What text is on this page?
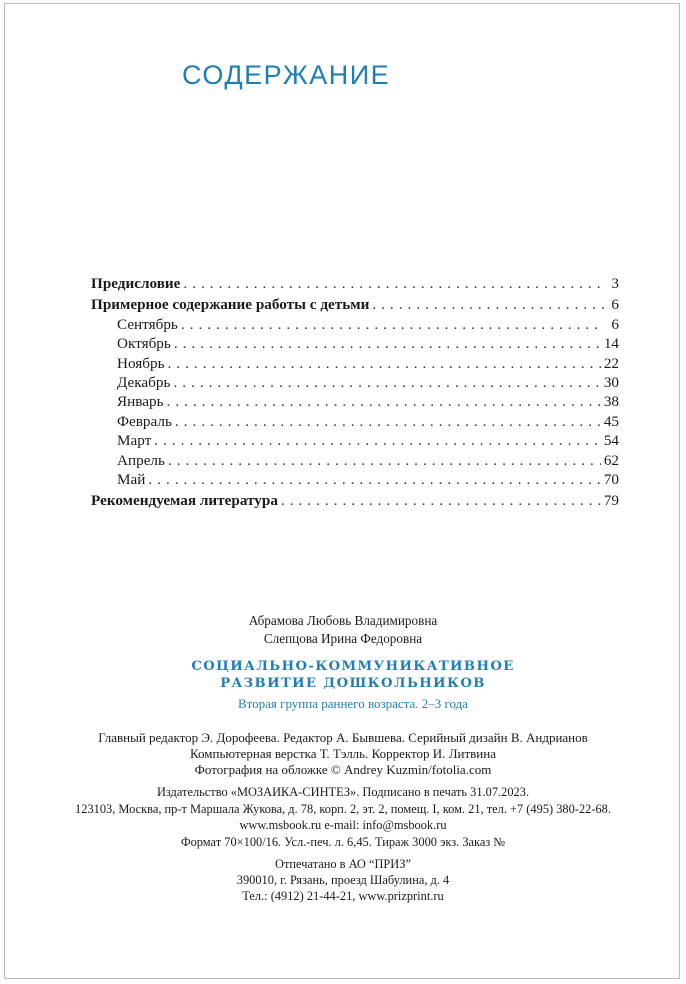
СОДЕРЖАНИЕ
Предисловие . . .	3
Примерное содержание работы с детьми . . .	6
Сентябрь . . .	6
Октябрь . . .	14
Ноябрь . . .	22
Декабрь . . .	30
Январь . . .	38
Февраль . . .	45
Март . . .	54
Апрель . . .	62
Май . . .	70
Рекомендуемая литература . . .	79
Абрамова Любовь Владимировна
Слепцова Ирина Федоровна
СОЦИАЛЬНО-КОММУНИКАТИВНОЕ
РАЗВИТИЕ ДОШКОЛЬНИКОВ
Вторая группа раннего возраста. 2–3 года
Главный редактор Э. Дорофеева. Редактор А. Бывшева. Серийный дизайн В. Андрианов
Компьютерная верстка Т. Тэлль. Корректор И. Литвина
Фотография на обложке © Andrey Kuzmin/fotolia.com
Издательство «МОЗАИКА-СИНТЕЗ». Подписано в печать 31.07.2023.
123103, Москва, пр-т Маршала Жукова, д. 78, корп. 2, эт. 2, помещ. I, ком. 21, тел. +7 (495) 380-22-68.
www.msbook.ru e-mail: info@msbook.ru
Формат 70×100/16. Усл.-печ. л. 6,45. Тираж 3000 экз. Заказ №
Отпечатано в АО “ПРИЗ”
390010, г. Рязань, проезд Шабулина, д. 4
Тел.: (4912) 21-44-21, www.prizprint.ru
